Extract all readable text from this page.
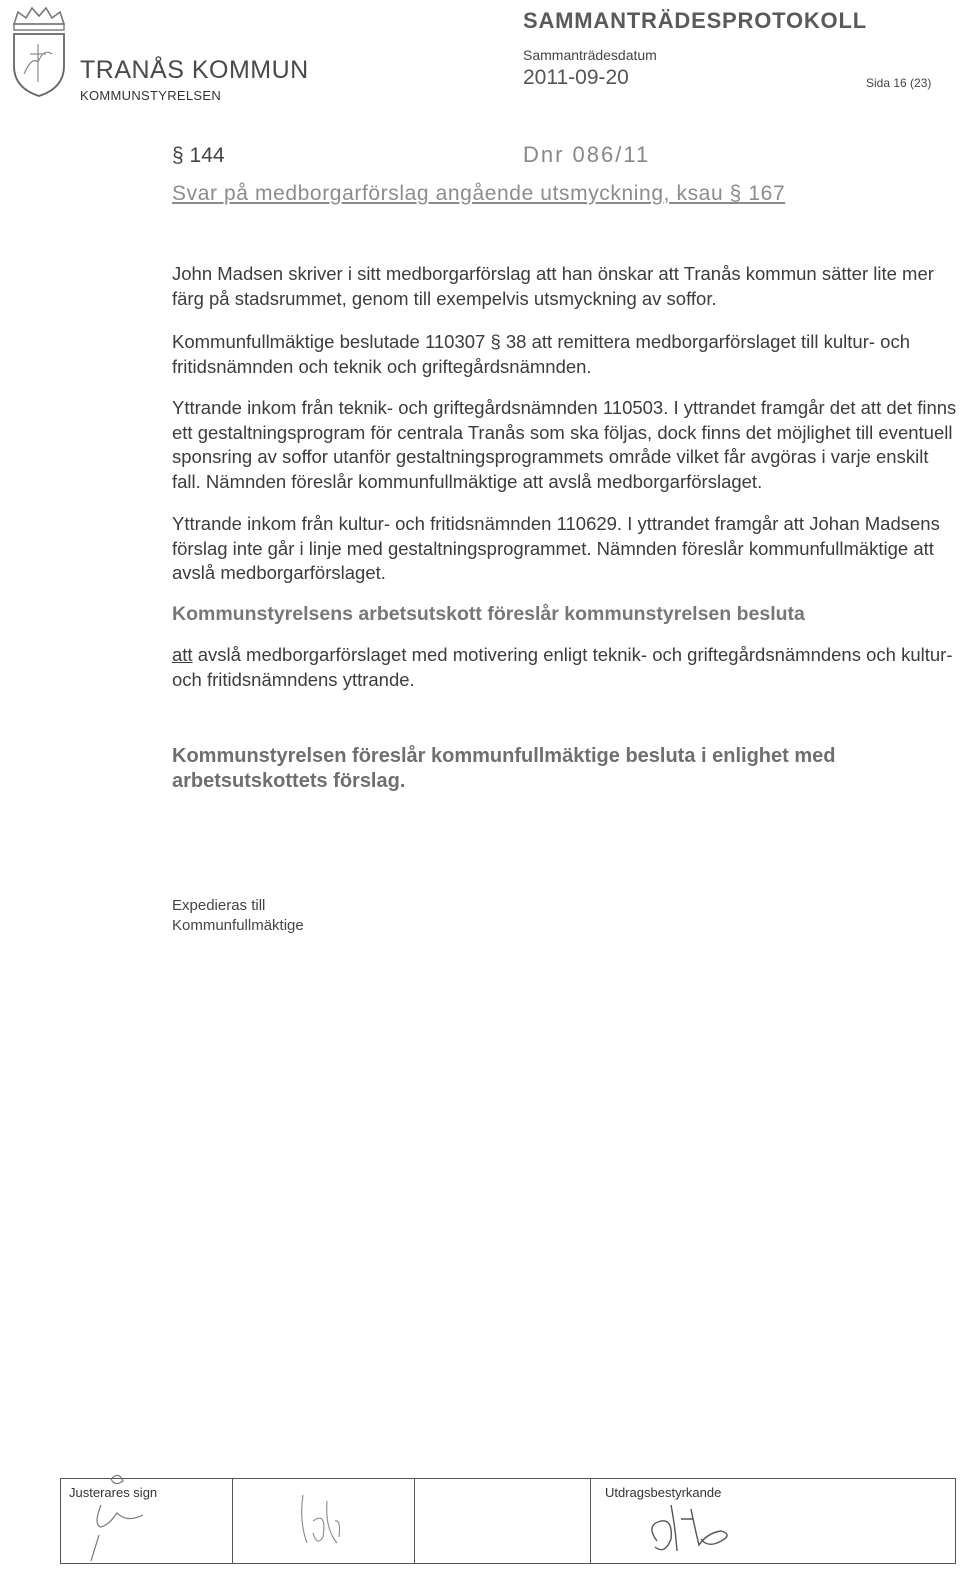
TRANÅS KOMMUN
KOMMUNSTYRELSEN
SAMMANTRÄDESPROTOKOLL
Sammanträdesdatum
2011-09-20	Sida 16 (23)
§ 144	Dnr 086/11
Svar på medborgarförslag angående utsmyckning, ksau § 167
John Madsen skriver i sitt medborgarförslag att han önskar att Tranås kommun sätter lite mer färg på stadsrummet, genom till exempelvis utsmyckning av soffor.
Kommunfullmäktige beslutade 110307 § 38 att remittera medborgarförslaget till kultur- och fritidsnämnden och teknik och griftegårdsnämnden.
Yttrande inkom från teknik- och griftegårdsnämnden 110503. I yttrandet framgår det att det finns ett gestaltningsprogram för centrala Tranås som ska följas, dock finns det möjlighet till eventuell sponsring av soffor utanför gestaltningsprogrammets område vilket får avgöras i varje enskilt fall. Nämnden föreslår kommunfullmäktige att avslå medborgarförslaget.
Yttrande inkom från kultur- och fritidsnämnden 110629. I yttrandet framgår att Johan Madsens förslag inte går i linje med gestaltningsprogrammet. Nämnden föreslår kommunfullmäktige att avslå medborgarförslaget.
Kommunstyrelsens arbetsutskott föreslår kommunstyrelsen besluta
att avslå medborgarförslaget med motivering enligt teknik- och griftegårdsnämndens och kultur- och fritidsnämndens yttrande.
Kommunstyrelsen föreslår kommunfullmäktige besluta i enlighet med arbetsutskottets förslag.
Expedieras till
Kommunfullmäktige
Justerares sign	Utdragsbestyrkande
